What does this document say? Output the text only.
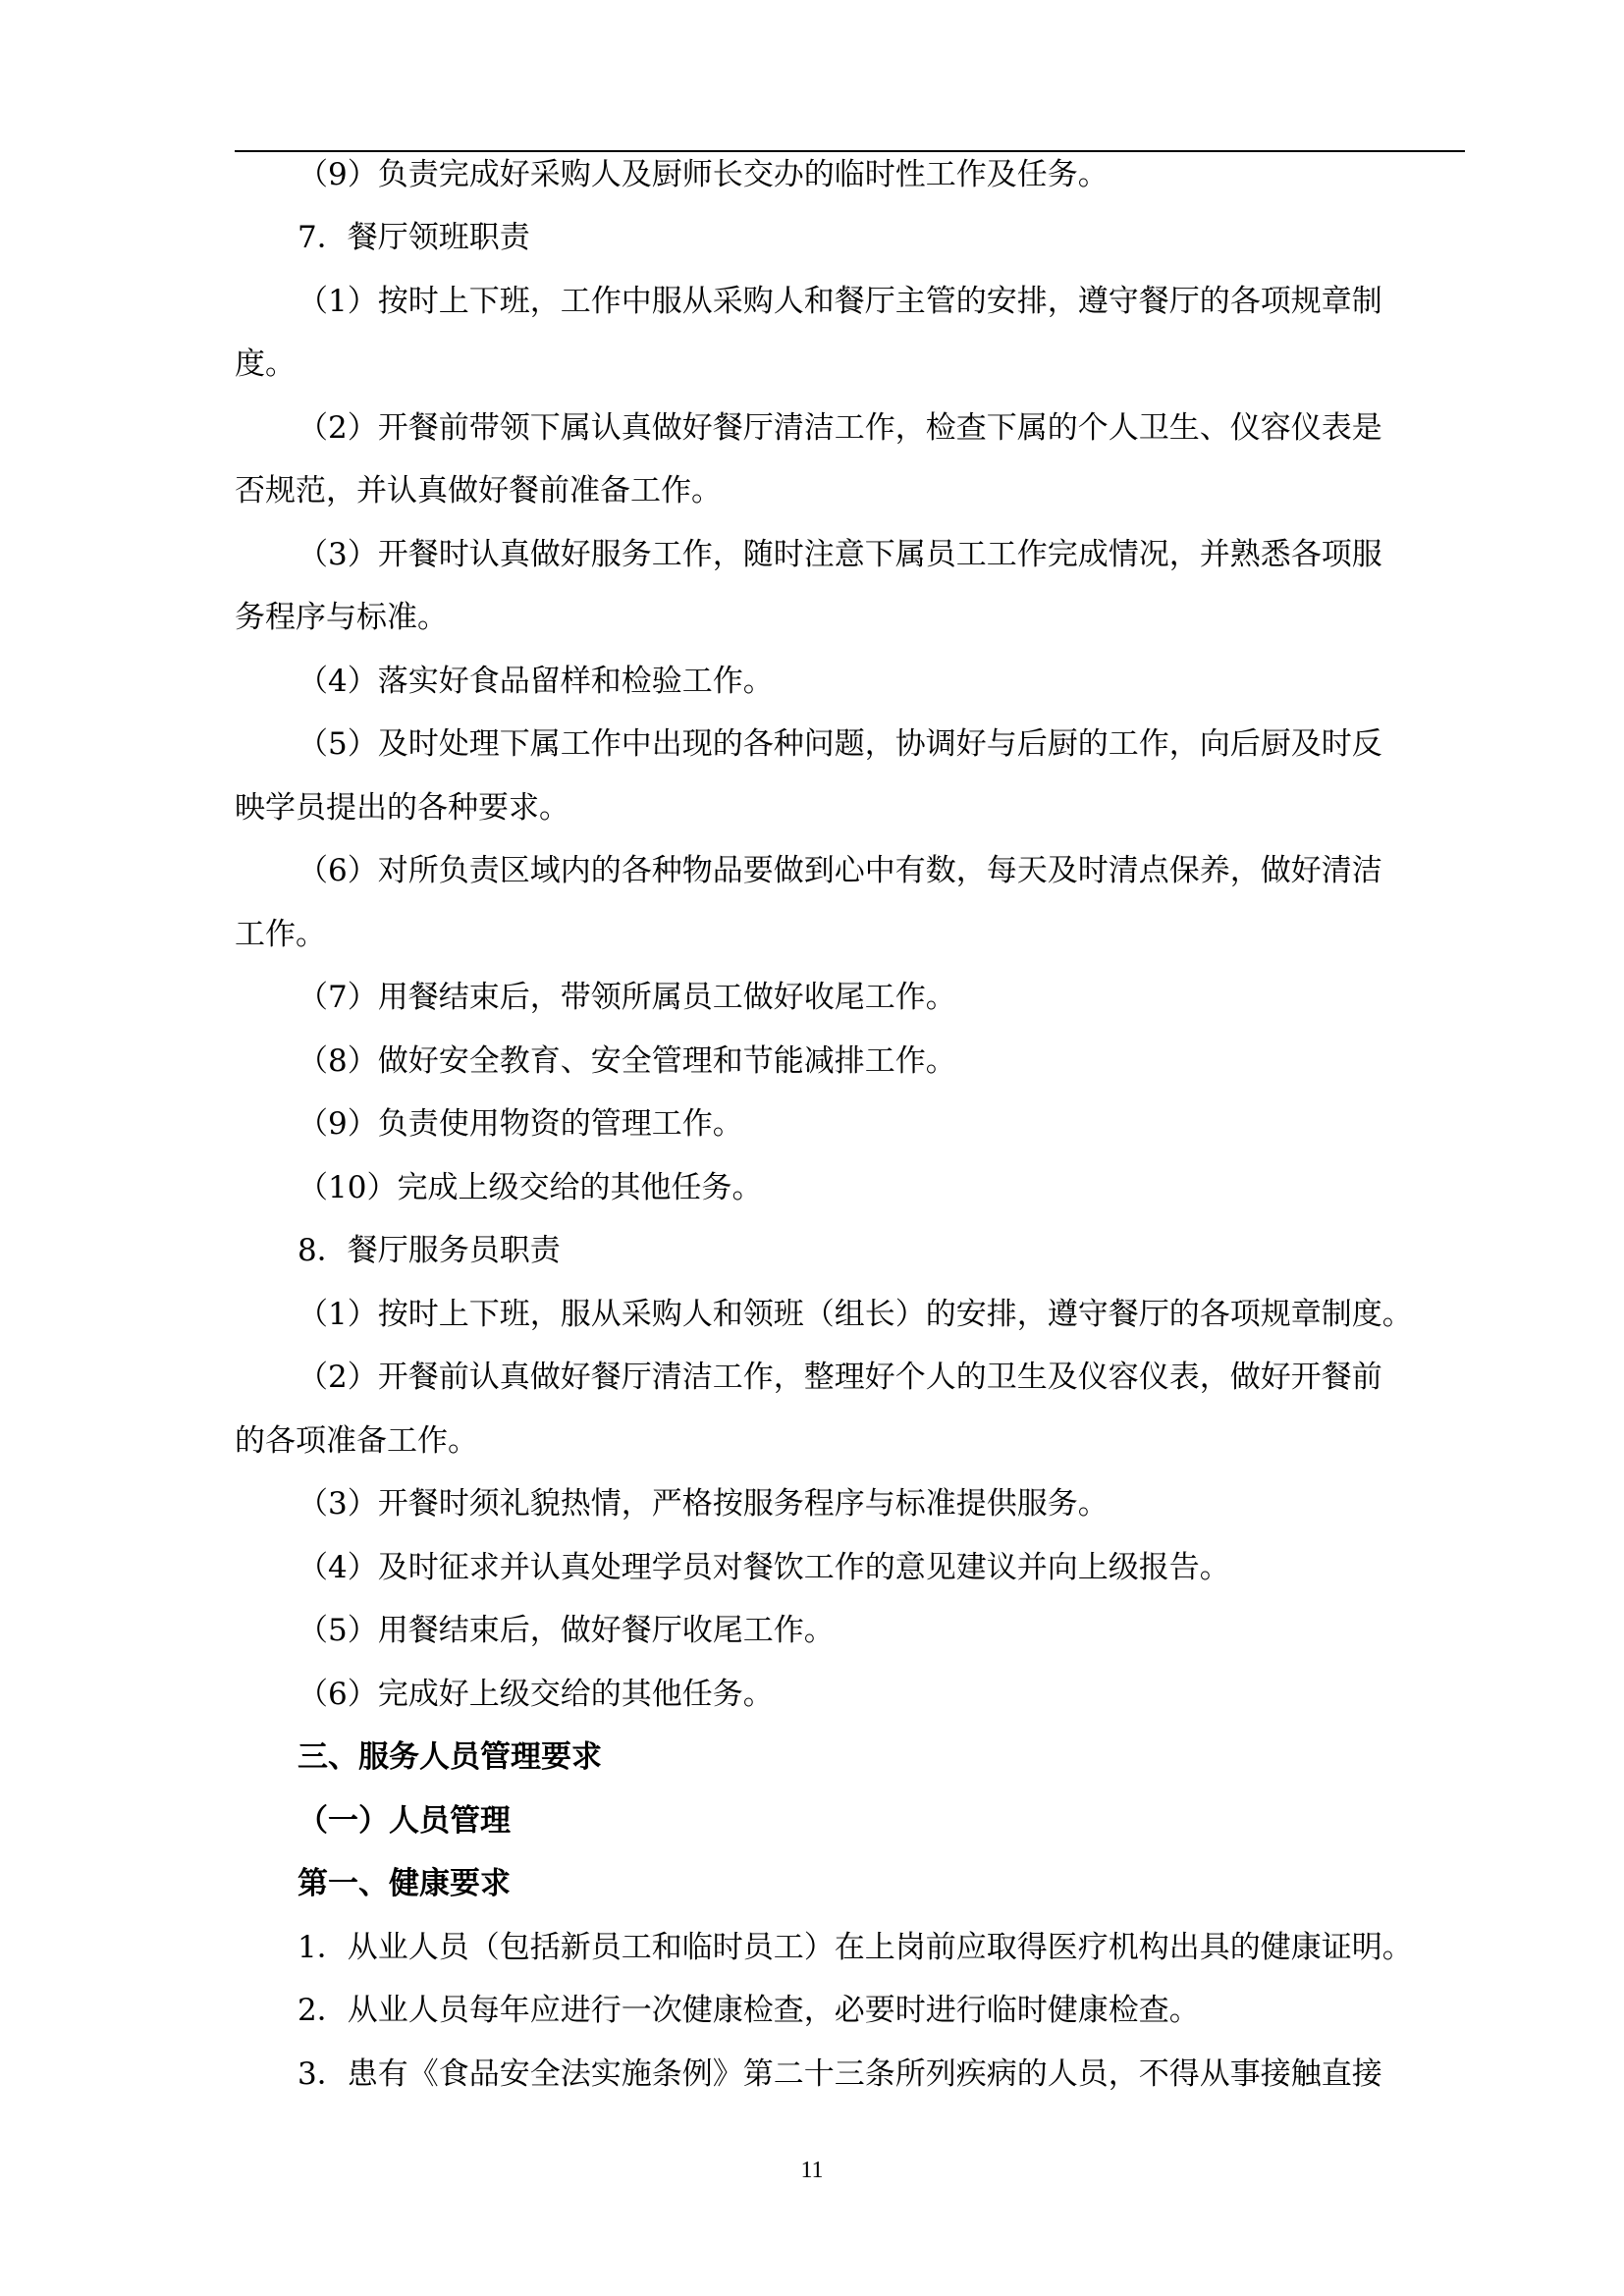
（9）负责完成好采购人及厨师长交办的临时性工作及任务。
7．餐厅领班职责
（1）按时上下班，工作中服从采购人和餐厅主管的安排，遵守餐厅的各项规章制
度。
（2）开餐前带领下属认真做好餐厅清洁工作，检查下属的个人卫生、仪容仪表是
否规范，并认真做好餐前准备工作。
（3）开餐时认真做好服务工作，随时注意下属员工工作完成情况，并熟悉各项服
务程序与标准。
（4）落实好食品留样和检验工作。
（5）及时处理下属工作中出现的各种问题，协调好与后厨的工作，向后厨及时反
映学员提出的各种要求。
（6）对所负责区域内的各种物品要做到心中有数，每天及时清点保养，做好清洁
工作。
（7）用餐结束后，带领所属员工做好收尾工作。
（8）做好安全教育、安全管理和节能减排工作。
（9）负责使用物资的管理工作。
（10）完成上级交给的其他任务。
8．餐厅服务员职责
（1）按时上下班，服从采购人和领班（组长）的安排，遵守餐厅的各项规章制度。
（2）开餐前认真做好餐厅清洁工作，整理好个人的卫生及仪容仪表，做好开餐前
的各项准备工作。
（3）开餐时须礼貌热情，严格按服务程序与标准提供服务。
（4）及时征求并认真处理学员对餐饮工作的意见建议并向上级报告。
（5）用餐结束后，做好餐厅收尾工作。
（6）完成好上级交给的其他任务。
三、服务人员管理要求
（一）人员管理
第一、健康要求
1．从业人员（包括新员工和临时员工）在上岗前应取得医疗机构出具的健康证明。
2．从业人员每年应进行一次健康检查，必要时进行临时健康检查。
3．患有《食品安全法实施条例》第二十三条所列疾病的人员，不得从事接触直接
11
